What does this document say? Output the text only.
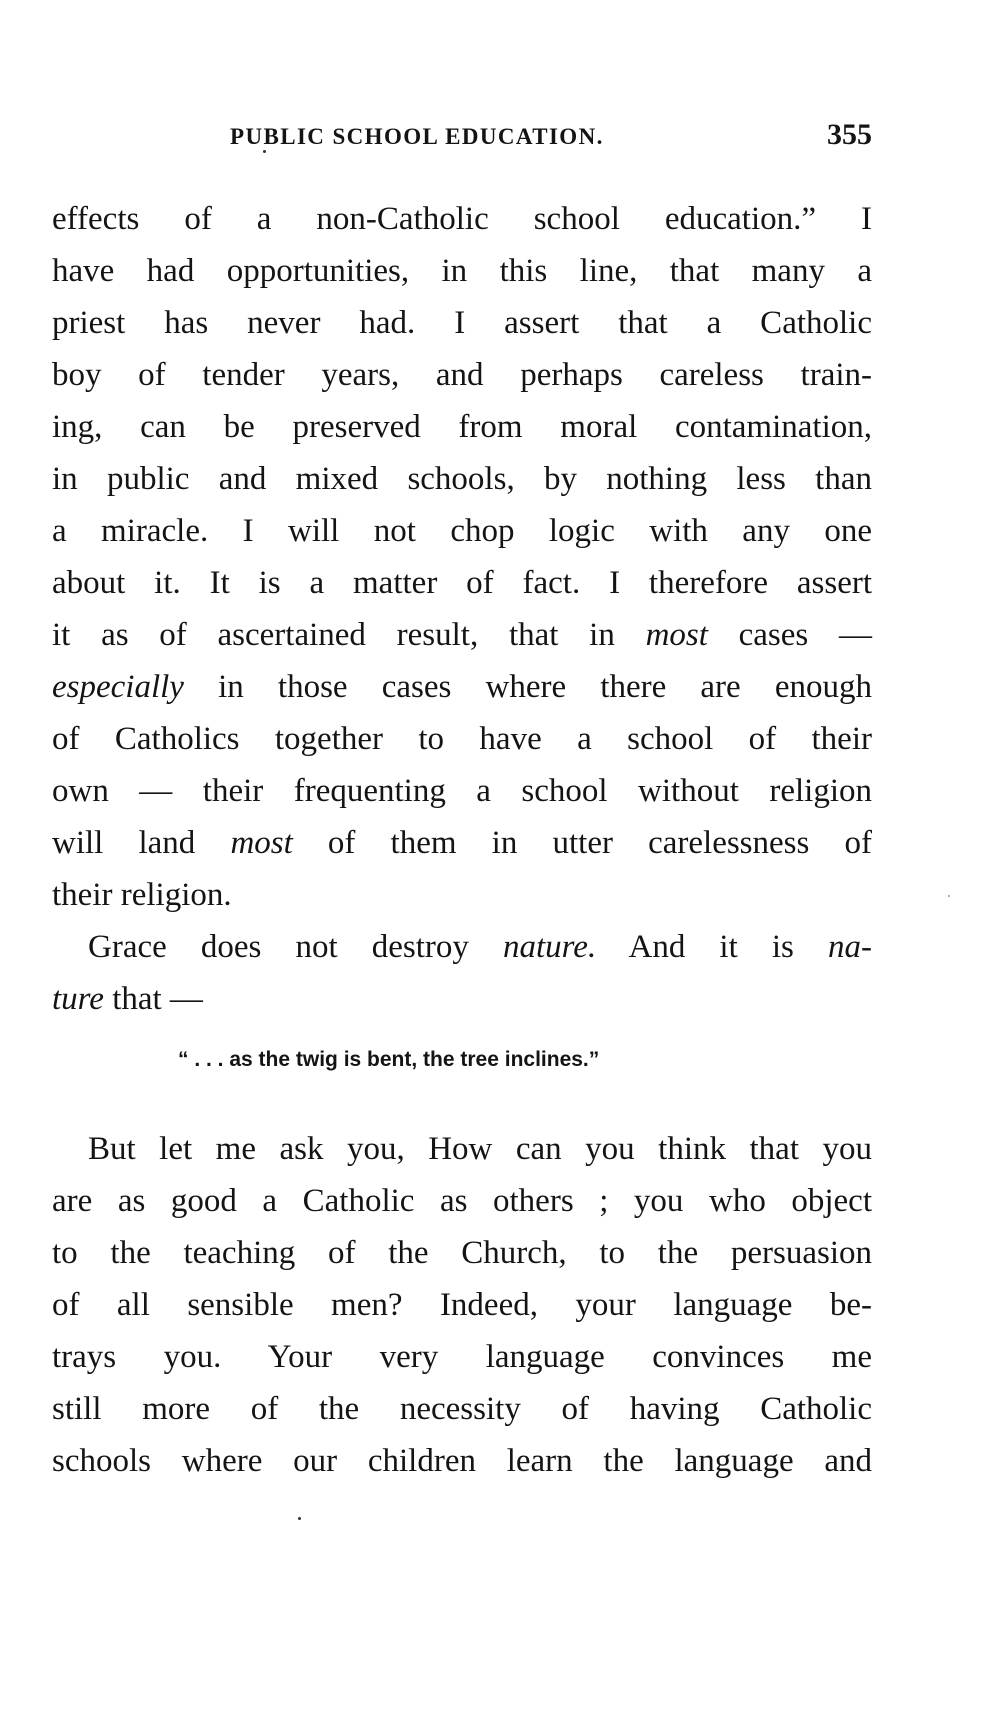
PUBLIC SCHOOL EDUCATION.	355
effects of a non-Catholic school education.” I
have had opportunities, in this line, that many a
priest has never had. I assert that a Catholic
boy of tender years, and perhaps careless train-
ing, can be preserved from moral contamination,
in public and mixed schools, by nothing less than
a miracle. I will not chop logic with any one
about it. It is a matter of fact. I therefore assert
it as of ascertained result, that in most cases —
especially in those cases where there are enough
of Catholics together to have a school of their
own — their frequenting a school without religion
will land most of them in utter carelessness of
their religion.
Grace does not destroy nature. And it is na-
ture that —
“ . . . as the twig is bent, the tree inclines.”
But let me ask you, How can you think that you
are as good a Catholic as others ; you who object
to the teaching of the Church, to the persuasion
of all sensible men? Indeed, your language be-
trays you. Your very language convinces me
still more of the necessity of having Catholic
schools where our children learn the language and
